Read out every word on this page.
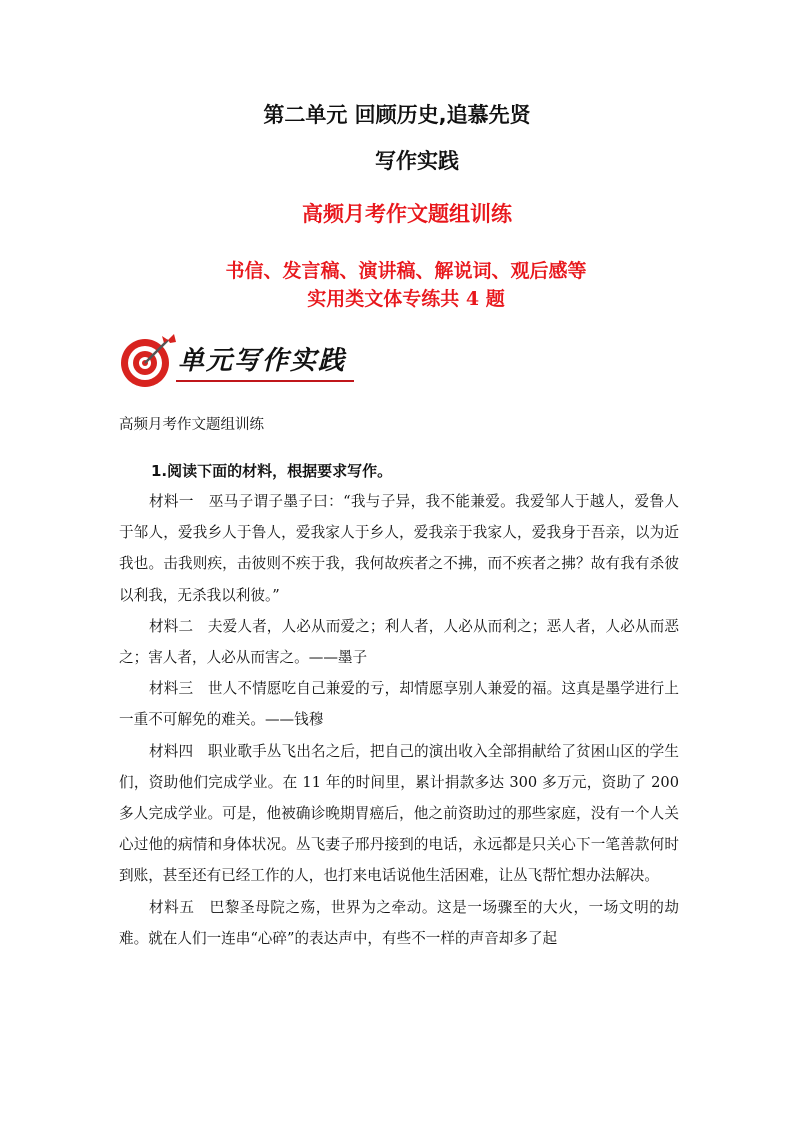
第二单元 回顾历史,追慕先贤
写作实践
高频月考作文题组训练
书信、发言稿、演讲稿、解说词、观后感等
实用类文体专练共 4 题
单元写作实践
高频月考作文题组训练
1.阅读下面的材料，根据要求写作。

材料一　巫马子谓子墨子曰：“我与子异，我不能兼爱。我爱邹人于越人，爱鲁人于邹人，爱我乡人于鲁人，爱我家人于乡人，爱我亲于我家人，爱我身于吾亲，以为近我也。击我则疾，击彼则不疾于我，我何故疾者之不拂，而不疾者之拂？故有我有杀彼以利我，无杀我以利彼。”

材料二　夫爱人者，人必从而爱之；利人者，人必从而利之；恶人者，人必从而恶之；害人者，人必从而害之。——墨子

材料三　世人不情愿吃自己兼爱的亏，却情愿享别人兼爱的福。这真是墨学进行上一重不可解免的难关。——钱穆

材料四　职业歌手丛飞出名之后，把自己的演出收入全部捐献给了贫困山区的学生们，资助他们完成学业。在 11 年的时间里，累计捐款多达 300 多万元，资助了 200 多人完成学业。可是，他被确诊晚期胃癌后，他之前资助过的那些家庭，没有一个人关心过他的病情和身体状况。丛飞妻子邢丹接到的电话，永远都是只关心下一笔善款何时到账，甚至还有已经工作的人，也打来电话说他生活困难，让丛飞帮忙想办法解决。

材料五　巴黎圣母院之殇，世界为之牵动。这是一场骤至的大火，一场文明的劫难。就在人们一连串“心碎”的表达声中，有些不一样的声音却多了起
